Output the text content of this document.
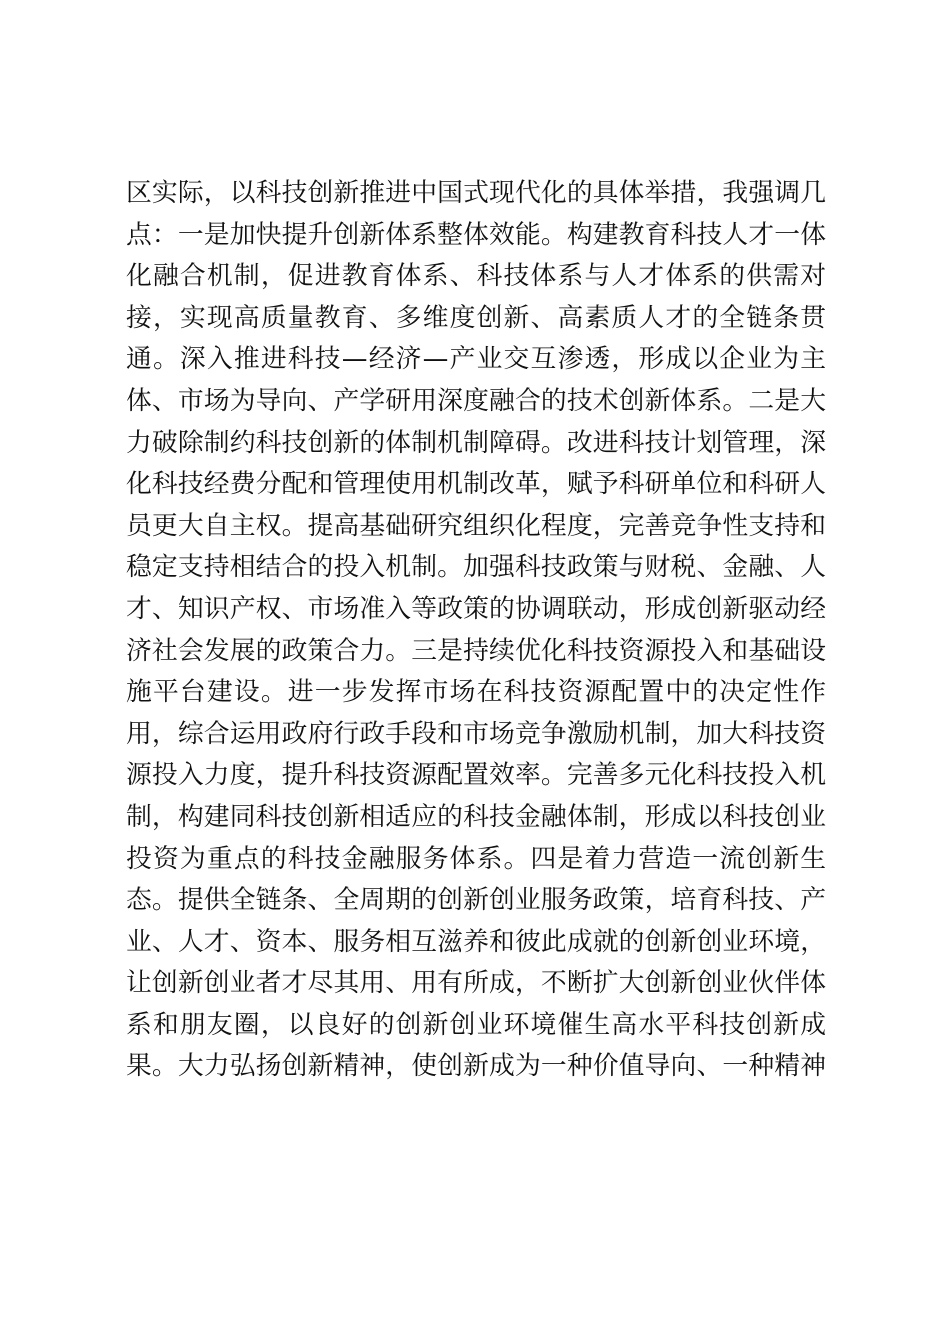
区实际，以科技创新推进中国式现代化的具体举措，我强调几
点：一是加快提升创新体系整体效能。构建教育科技人才一体
化融合机制，促进教育体系、科技体系与人才体系的供需对
接，实现高质量教育、多维度创新、高素质人才的全链条贯
通。深入推进科技—经济—产业交互渗透，形成以企业为主
体、市场为导向、产学研用深度融合的技术创新体系。二是大
力破除制约科技创新的体制机制障碍。改进科技计划管理，深
化科技经费分配和管理使用机制改革，赋予科研单位和科研人
员更大自主权。提高基础研究组织化程度，完善竞争性支持和
稳定支持相结合的投入机制。加强科技政策与财税、金融、人
才、知识产权、市场准入等政策的协调联动，形成创新驱动经
济社会发展的政策合力。三是持续优化科技资源投入和基础设
施平台建设。进一步发挥市场在科技资源配置中的决定性作
用，综合运用政府行政手段和市场竞争激励机制，加大科技资
源投入力度，提升科技资源配置效率。完善多元化科技投入机
制，构建同科技创新相适应的科技金融体制，形成以科技创业
投资为重点的科技金融服务体系。四是着力营造一流创新生
态。提供全链条、全周期的创新创业服务政策，培育科技、产
业、人才、资本、服务相互滋养和彼此成就的创新创业环境，
让创新创业者才尽其用、用有所成，不断扩大创新创业伙伴体
系和朋友圈，以良好的创新创业环境催生高水平科技创新成
果。大力弘扬创新精神，使创新成为一种价值导向、一种精神
